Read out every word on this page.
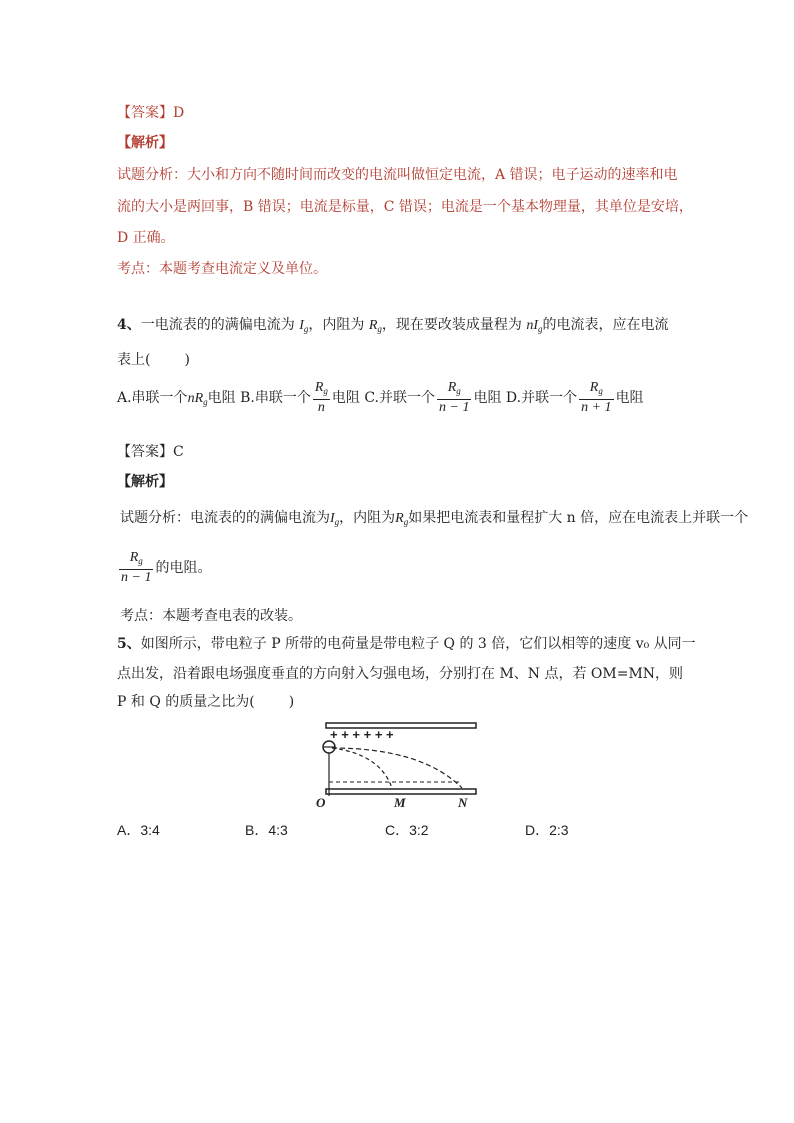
【答案】D
【解析】
试题分析：大小和方向不随时间而改变的电流叫做恒定电流，A 错误；电子运动的速率和电
流的大小是两回事，B 错误；电流是标量，C 错误；电流是一个基本物理量，其单位是安培，
D 正确。
考点：本题考查电流定义及单位。
4、一电流表的的满偏电流为 $I_g$，内阻为 $R_g$，现在要改装成量程为 $nI_g$的电流表，应在电流
表上( )
A.串联一个$nR_g$电阻 B.串联一个 $\frac{R_g}{n}$ 电阻 C.并联一个 $\frac{R_g}{n - 1}$ 电阻 D.并联一个 $\frac{R_g}{n + 1}$ 电阻
【答案】C
【解析】
试题分析：电流表的的满偏电流为$I_g$，内阻为$R_g$如果把电流表和量程扩大 n 倍，应在电流表上并联一个
$\frac{R_g}{n - 1}$ 的电阻。
考点：本题考查电表的改装。
5、如图所示，带电粒子 P 所带的电荷量是带电粒子 Q 的 3 倍，它们以相等的速度 v₀ 从同一
点出发，沿着跟电场强度垂直的方向射入匀强电场，分别打在 M、N 点，若 OM=MN，则
P 和 Q 的质量之比为( )
+ + + + + +
O	M	N
A．3:4	B．4:3	C．3:2	D．2:3
